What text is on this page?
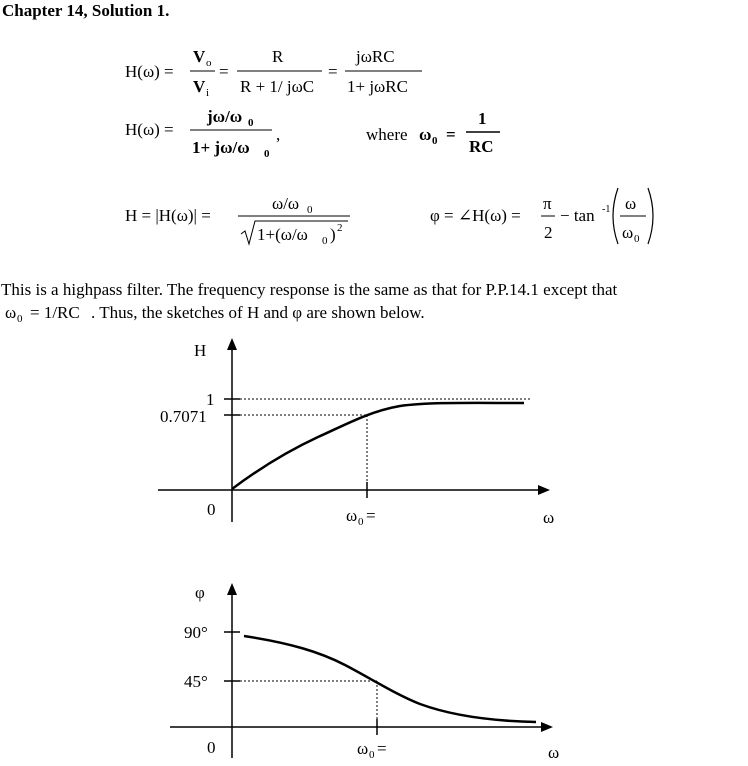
Chapter 14, Solution 1.
H(ω) =
V o
V i
=
R
R + 1/ jωC
=
jωRC
1+ jωRC
H(ω) =
jω/ω 0
1+ jω/ω 0
,	where ω 0 =
1
RC
H = |H(ω)| =
ω/ω 0
1+(ω/ω 0 ) 2
φ = ∠H(ω) =
π
2
− tan -1 ω
ω 0
This is a highpass filter. The frequency response is the same as that for P.P.14.1 except that
ω 0 = 1/RC . Thus, the sketches of H and φ are shown below.
H
1
0.7071
0	ω 0 =	ω
φ
90°
45°
0	ω 0 =	ω
